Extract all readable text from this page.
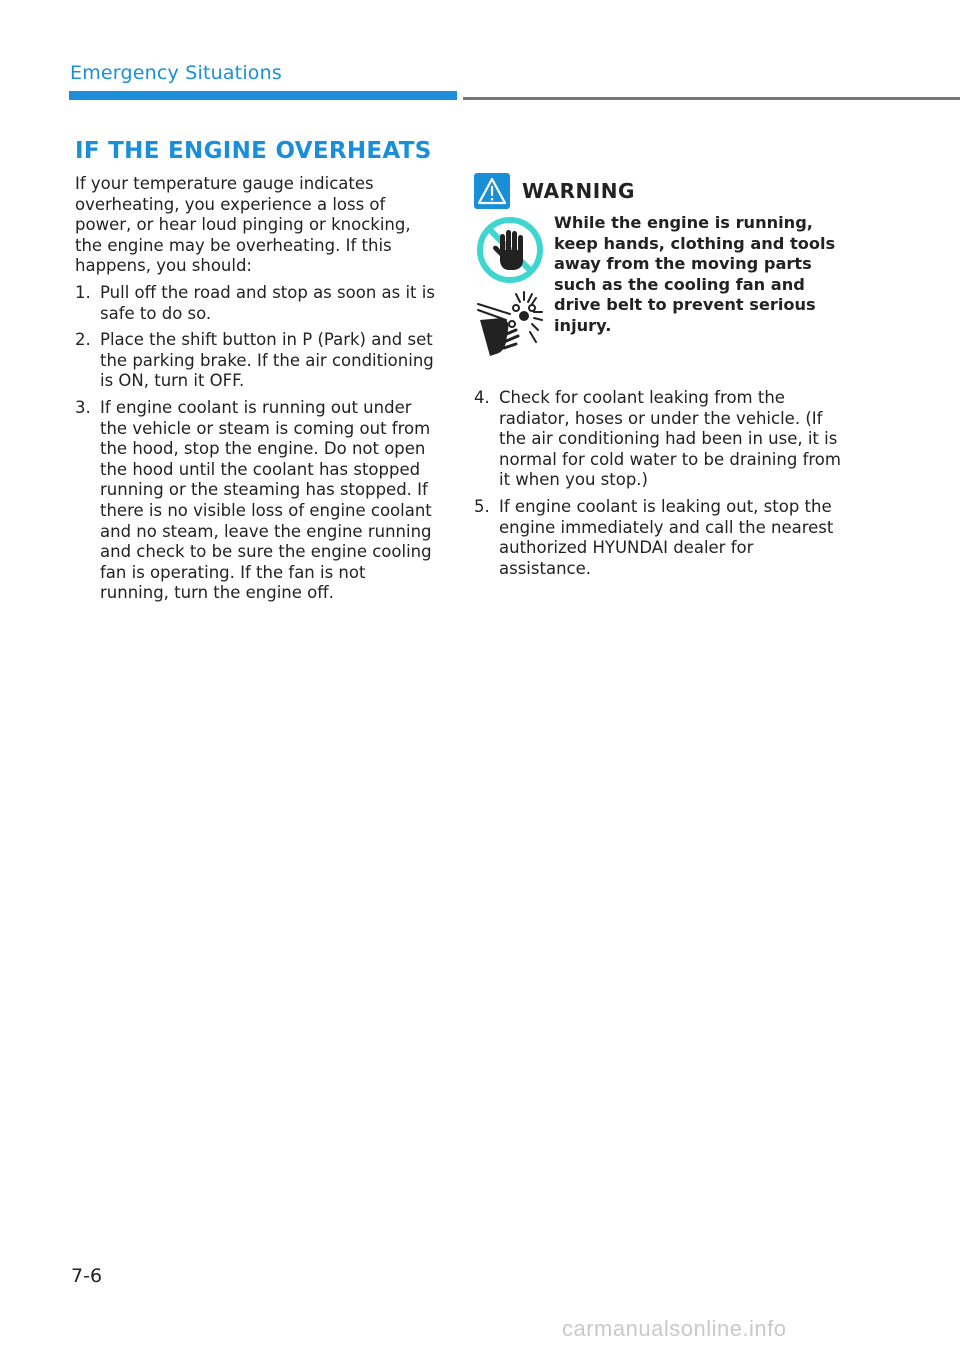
Emergency Situations
IF THE ENGINE OVERHEATS

If your temperature gauge indicates overheating, you experience a loss of power, or hear loud pinging or knocking, the engine may be overheating. If this happens, you should:

1. Pull off the road and stop as soon as it is safe to do so.
2. Place the shift button in P (Park) and set the parking brake. If the air conditioning is ON, turn it OFF.
3. If engine coolant is running out under the vehicle or steam is coming out from the hood, stop the engine. Do not open the hood until the coolant has stopped running or the steaming has stopped. If there is no visible loss of engine coolant and no steam, leave the engine running and check to be sure the engine cooling fan is operating. If the fan is not running, turn the engine off.
WARNING
While the engine is running, keep hands, clothing and tools away from the moving parts such as the cooling fan and drive belt to prevent serious injury.
4. Check for coolant leaking from the radiator, hoses or under the vehicle. (If the air conditioning had been in use, it is normal for cold water to be draining from it when you stop.)
5. If engine coolant is leaking out, stop the engine immediately and call the nearest authorized HYUNDAI dealer for assistance.
7-6
carmanualsonline.info
